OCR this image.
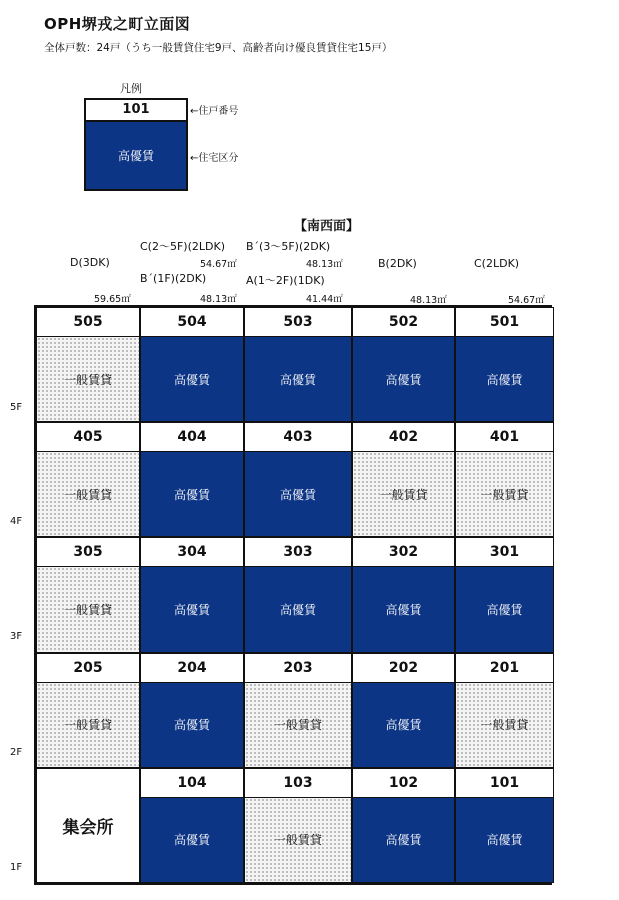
OPH堺戎之町立面図
全体戸数：24戸（うち一般賃貸住宅9戸、高齢者向け優良賃貸住宅15戸）
凡例
101
高優賃
←住戸番号
←住宅区分
【南西面】
D(3DK)
C(2～5F)(2LDK)
B´(1F)(2DK)
B´(3～5F)(2DK)
A(1～2F)(1DK)
B(2DK)	C(2LDK)
59.65㎡
54.67㎡
48.13㎡
48.13㎡
41.44㎡	48.13㎡	54.67㎡
5F
4F
3F
2F
1F
505
一般賃貸
504
高優賃
503
高優賃
502
高優賃
501
高優賃
405
一般賃貸
404
高優賃
403
高優賃
402
一般賃貸
401
一般賃貸
305
一般賃貸
304
高優賃
303
高優賃
302
高優賃
301
高優賃
205
一般賃貸
204
高優賃
203
一般賃貸
202
高優賃
201
一般賃貸
集会所
104
高優賃
103
一般賃貸
102
高優賃
101
高優賃
